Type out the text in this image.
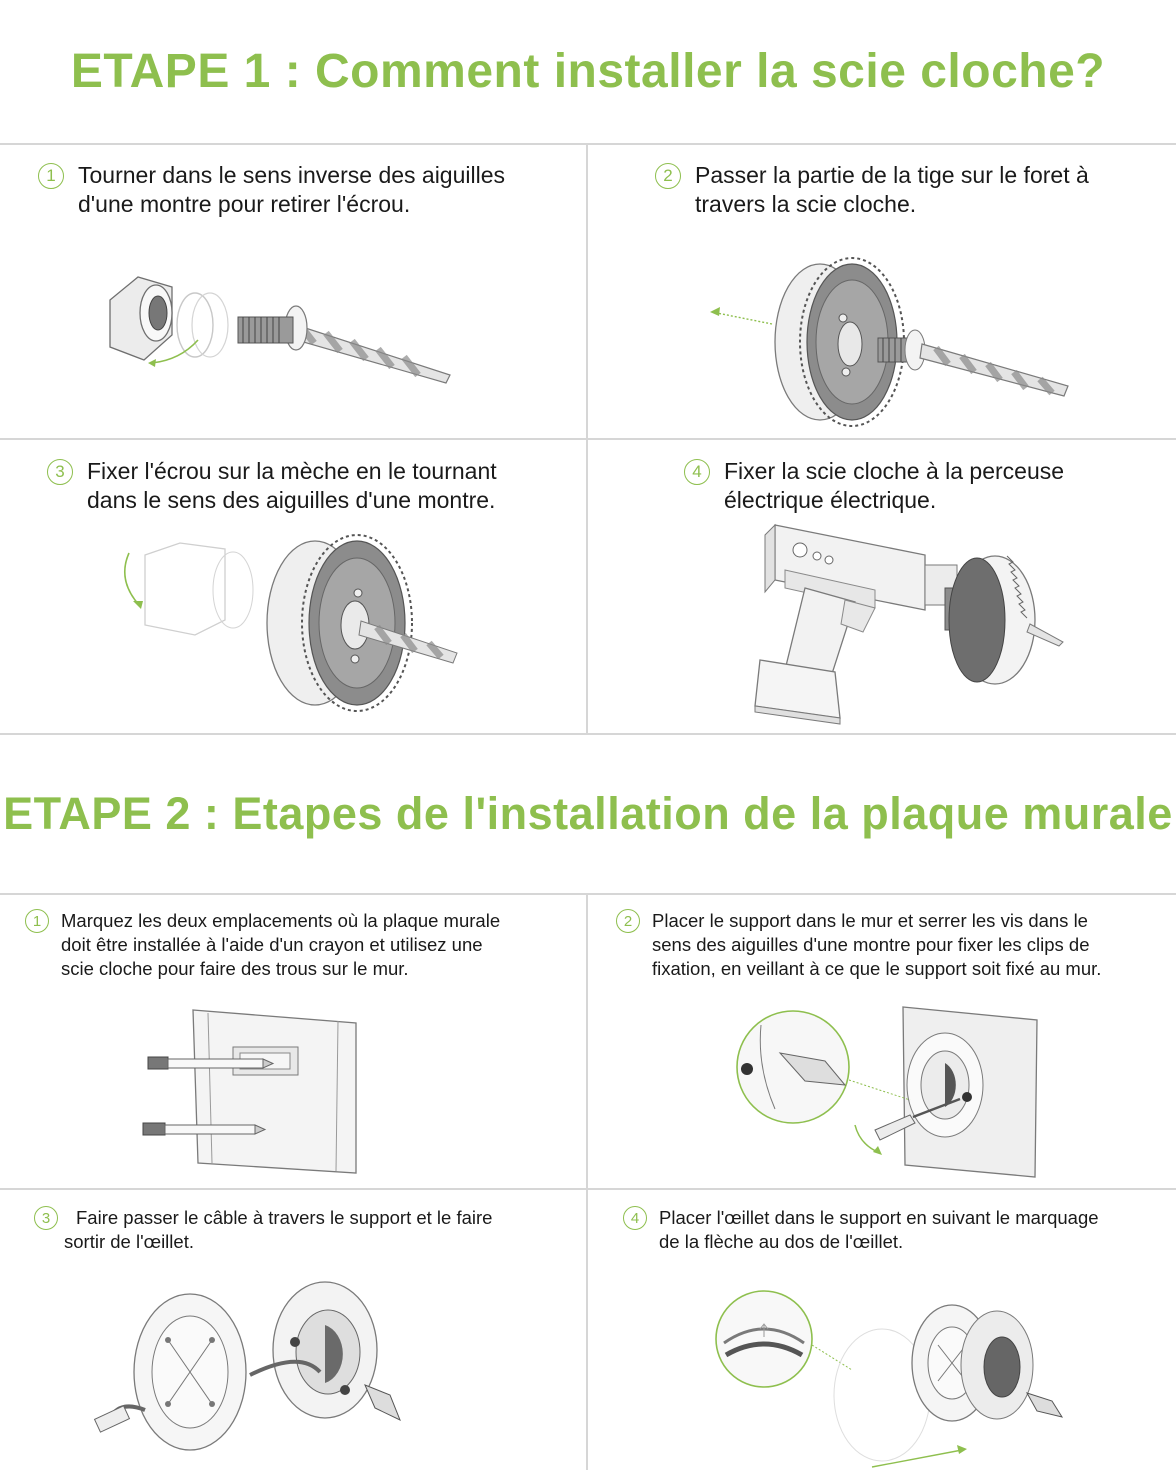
ETAPE 1 : Comment installer la scie cloche?
1 Tourner dans le sens inverse des aiguilles
d'une montre pour retirer l'écrou.
2 Passer la partie de la tige sur le foret à
travers la scie cloche.
3 Fixer l'écrou sur la mèche en le tournant
dans le sens des aiguilles d'une montre.
4 Fixer la scie cloche à la perceuse
électrique électrique.
ETAPE 2 : Etapes de l'installation de la plaque murale
1	Marquez les deux emplacements où la plaque murale
doit être installée à l'aide d'un crayon et utilisez une
scie cloche pour faire des trous sur le mur.
2	Placer le support dans le mur et serrer les vis dans le
sens des aiguilles d'une montre pour fixer les clips de
fixation, en veillant à ce que le support soit fixé au mur.
3	Faire passer le câble à travers le support et le faire
sortir de l'œillet.
4	Placer l'œillet dans le support en suivant le marquage
de la flèche au dos de l'œillet.
